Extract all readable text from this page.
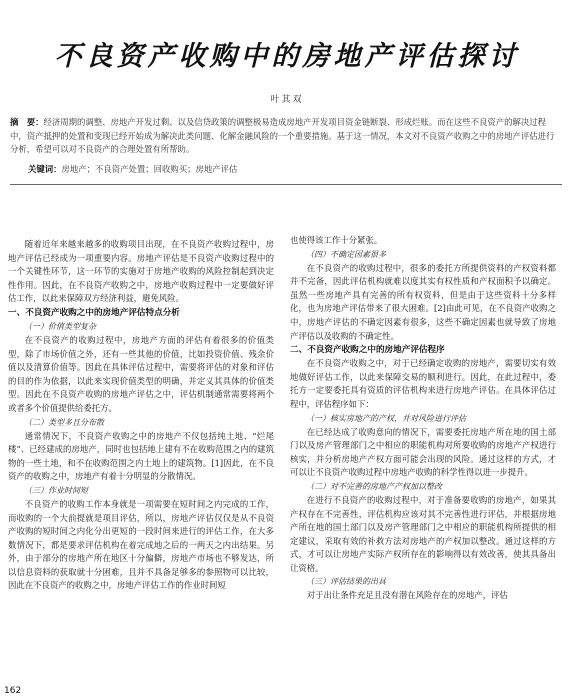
不良资产收购中的房地产评估探讨
叶其双
摘　要：经济周期的调整、房地产开发过剩、以及信贷政策的调整极易造成房地产开发项目资金链断裂、形成烂账。而在这些不良资产的解决过程中，资产抵押的处置和变现已经开始成为解决此类问题、化解金融风险的一个重要措施。基于这一情况，本文对不良资产收购之中的房地产评估进行分析，希望可以对不良资产的合理处置有所帮助。
关键词：房地产；不良资产处置；回收购买；房地产评估

随着近年来越来越多的收购项目出现，在不良资产收购过程中，房地产评估已经成为一项重要内容。房地产评估是不良资产收购过程中的一个关键性环节，这一环节的实施对于房地产收购的风险控制起到决定性作用。因此，在不良资产收购之中，房地产收购过程中一定要做好评估工作，以此来保障双方经济利益，避免风险。

一、不良资产收购之中的房地产评估特点分析
（一）价值类型复杂

在不良资产的收购过程中，房地产方面的评估有着很多的价值类型，除了市场价值之外，还有一些其他的价值，比如投资价值、残余价值以及清算价值等。因此在具体评估过程中，需要将评估的对象和评估的目的作为依据，以此来实现价值类型的明确，并定义其具体的价值类型。因此在不良资产收购的房地产评估之中，评估机制通常需要将两个或者多个价值提供给委托方。

（二）类型多且分布散

通常情况下，不良资产收购之中的房地产不仅包括纯土地、“烂尾楼”、已经建成的房地产，同时也包括地上建有不在收购范围之内的建筑物的一些土地，和不在收购范围之内土地上的建筑物。[1]因此，在不良资产的收购之中，房地产有着十分明显的分散情况。

（三）作业时间短

不良资产的收购工作本身就是一项需要在短时间之内完成的工作，而收购的一个大前提就是项目评估，所以，房地产评估仅仅是从不良资产收购的短时间之内化分出更短的一段时间来进行的评估工作，在大多数情况下，都是要求评估机构在着完成地之后的一两天之内出结果。另外，由于部分的房地产所在地区十分偏僻，房地产市场也不够发达，所以信息资料的获取就十分困难，且并不具备足够多的参照物可以比较，因此在不良资产的收购之中，房地产评估工作的作业时间短

也使得该工作十分紧张。

（四）不确定因素很多

在不良资产的收购过程中，很多的委托方所提供资料的产权资料都并不完备，因此评估机构就难以度其实有权性质和产权面积予以确定。虽然一些房地产具有完善的所有权资料，但是由于这些资料十分多样化，也为房地产评估带来了很大困难。[2]由此可见，在不良资产收购之中，房地产评估的不确定因素有很多，这些不确定因素也就导致了房地产评估以及收购的不确定性。

二、不良资产收购之中的房地产评估程序

在不良资产收购之中，对于已经确定收购的房地产，需要切实有效地做好评估工作，以此来保障交易的顺利进行。因此，在此过程中，委托方一定要委托具有资质的评估机构来进行房地产评估。在具体评估过程中，评估程序如下：

（一）核实房地产的产权，并对风险进行评估

在已经达成了收购意向的情况下，需要委托房地产所在地的国土部门以及房产管理部门之中相应的职能机构对所要收购的房地产产权进行核实，并分析房地产产权方面可能会出现的风险。通过这样的方式，才可以让不良资产收购过程中房地产收购的科学性得以进一步提升。

（二）对不完善的房地产产权加以整改

在进行不良资产的收购过程中，对于准备要收购的房地产，如果其产权存在不完善性，评估机构应该对其不完善性进行评估，并根据房地产所在地的国土部门以及房产管理部门之中相应的职能机构所提供的相定建议，采取有效的补救方法对房地产的产权加以整改。通过这样的方式，才可以让房地产实际产权所存在的影响得以有效改善，使其具备出让资格。

（三）评估结果的出具

对于出让条件充足且没有潜在风险存在的房地产，评估

162
